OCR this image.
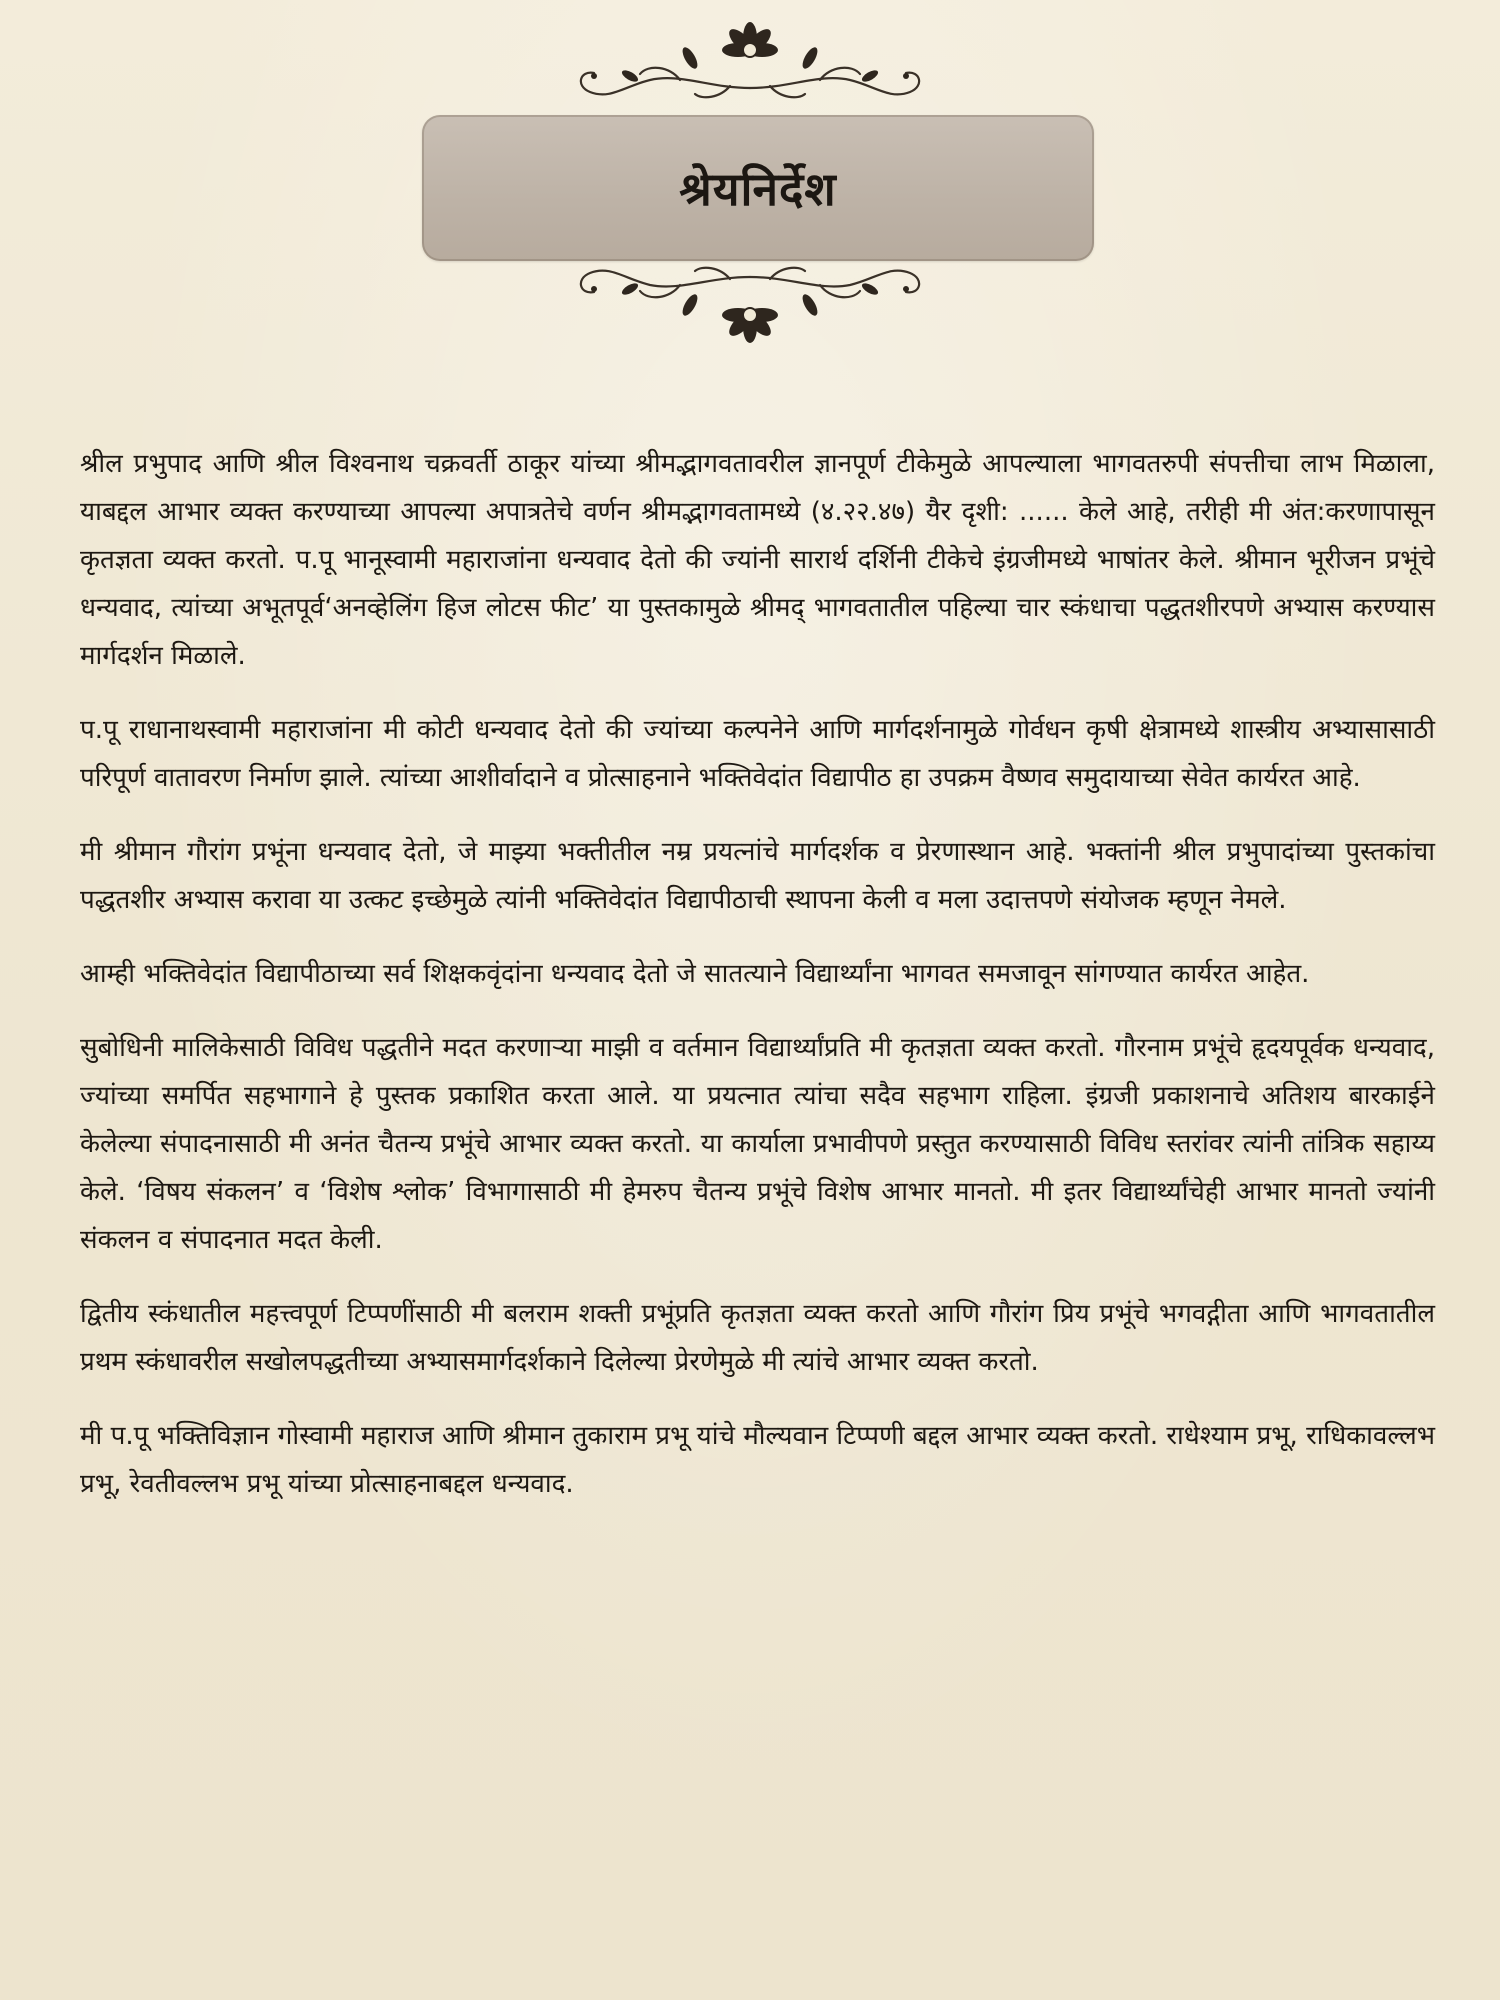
श्रेयनिर्देश

श्रील प्रभुपाद आणि श्रील विश्वनाथ चक्रवर्ती ठाकूर यांच्या श्रीमद्भागवतावरील ज्ञानपूर्ण टीकेमुळे आपल्याला भागवतरुपी संपत्तीचा लाभ मिळाला, याबद्दल आभार व्यक्त करण्याच्या आपल्या अपात्रतेचे वर्णन श्रीमद्भागवतामध्ये (४.२२.४७) यैर दृशी: ...... केले आहे, तरीही मी अंत:करणापासून कृतज्ञता व्यक्त करतो. प.पू भानूस्वामी महाराजांना धन्यवाद देतो की ज्यांनी सारार्थ दर्शिनी टीकेचे इंग्रजीमध्ये भाषांतर केले. श्रीमान भूरीजन प्रभूंचे धन्यवाद, त्यांच्या अभूतपूर्व‘अनव्हेलिंग हिज लोटस फीट’ या पुस्तकामुळे श्रीमद् भागवतातील पहिल्या चार स्कंधाचा पद्धतशीरपणे अभ्यास करण्यास मार्गदर्शन मिळाले.

प.पू राधानाथस्वामी महाराजांना मी कोटी धन्यवाद देतो की ज्यांच्या कल्पनेने आणि मार्गदर्शनामुळे गोर्वधन कृषी क्षेत्रामध्ये शास्त्रीय अभ्यासासाठी परिपूर्ण वातावरण निर्माण झाले. त्यांच्या आशीर्वादाने व प्रोत्साहनाने भक्तिवेदांत विद्यापीठ हा उपक्रम वैष्णव समुदायाच्या सेवेत कार्यरत आहे.

मी श्रीमान गौरांग प्रभूंना धन्यवाद देतो, जे माझ्या भक्तीतील नम्र प्रयत्नांचे मार्गदर्शक व प्रेरणास्थान आहे. भक्तांनी श्रील प्रभुपादांच्या पुस्तकांचा पद्धतशीर अभ्यास करावा या उत्कट इच्छेमुळे त्यांनी भक्तिवेदांत विद्यापीठाची स्थापना केली व मला उदात्तपणे संयोजक म्हणून नेमले.

आम्ही भक्तिवेदांत विद्यापीठाच्या सर्व शिक्षकवृंदांना धन्यवाद देतो जे सातत्याने विद्यार्थ्यांना भागवत समजावून सांगण्यात कार्यरत आहेत.

सुबोधिनी मालिकेसाठी विविध पद्धतीने मदत करणाऱ्या माझी व वर्तमान विद्यार्थ्यांप्रति मी कृतज्ञता व्यक्त करतो. गौरनाम प्रभूंचे हृदयपूर्वक धन्यवाद, ज्यांच्या समर्पित सहभागाने हे पुस्तक प्रकाशित करता आले. या प्रयत्नात त्यांचा सदैव सहभाग राहिला. इंग्रजी प्रकाशनाचे अतिशय बारकाईने केलेल्या संपादनासाठी मी अनंत चैतन्य प्रभूंचे आभार व्यक्त करतो. या कार्याला प्रभावीपणे प्रस्तुत करण्यासाठी विविध स्तरांवर त्यांनी तांत्रिक सहाय्य केले. ‘विषय संकलन’ व ‘विशेष श्लोक’ विभागासाठी मी हेमरुप चैतन्य प्रभूंचे विशेष आभार मानतो. मी इतर विद्यार्थ्यांचेही आभार मानतो ज्यांनी संकलन व संपादनात मदत केली.

द्वितीय स्कंधातील महत्त्वपूर्ण टिप्पणींसाठी मी बलराम शक्ती प्रभूंप्रति कृतज्ञता व्यक्त करतो आणि गौरांग प्रिय प्रभूंचे भगवद्गीता आणि भागवतातील प्रथम स्कंधावरील सखोलपद्धतीच्या अभ्यासमार्गदर्शकाने दिलेल्या प्रेरणेमुळे मी त्यांचे आभार व्यक्त करतो.

मी प.पू भक्तिविज्ञान गोस्वामी महाराज आणि श्रीमान तुकाराम प्रभू यांचे मौल्यवान टिप्पणी बद्दल आभार व्यक्त करतो. राधेश्याम प्रभू, राधिकावल्लभ प्रभू, रेवतीवल्लभ प्रभू यांच्या प्रोत्साहनाबद्दल धन्यवाद.
